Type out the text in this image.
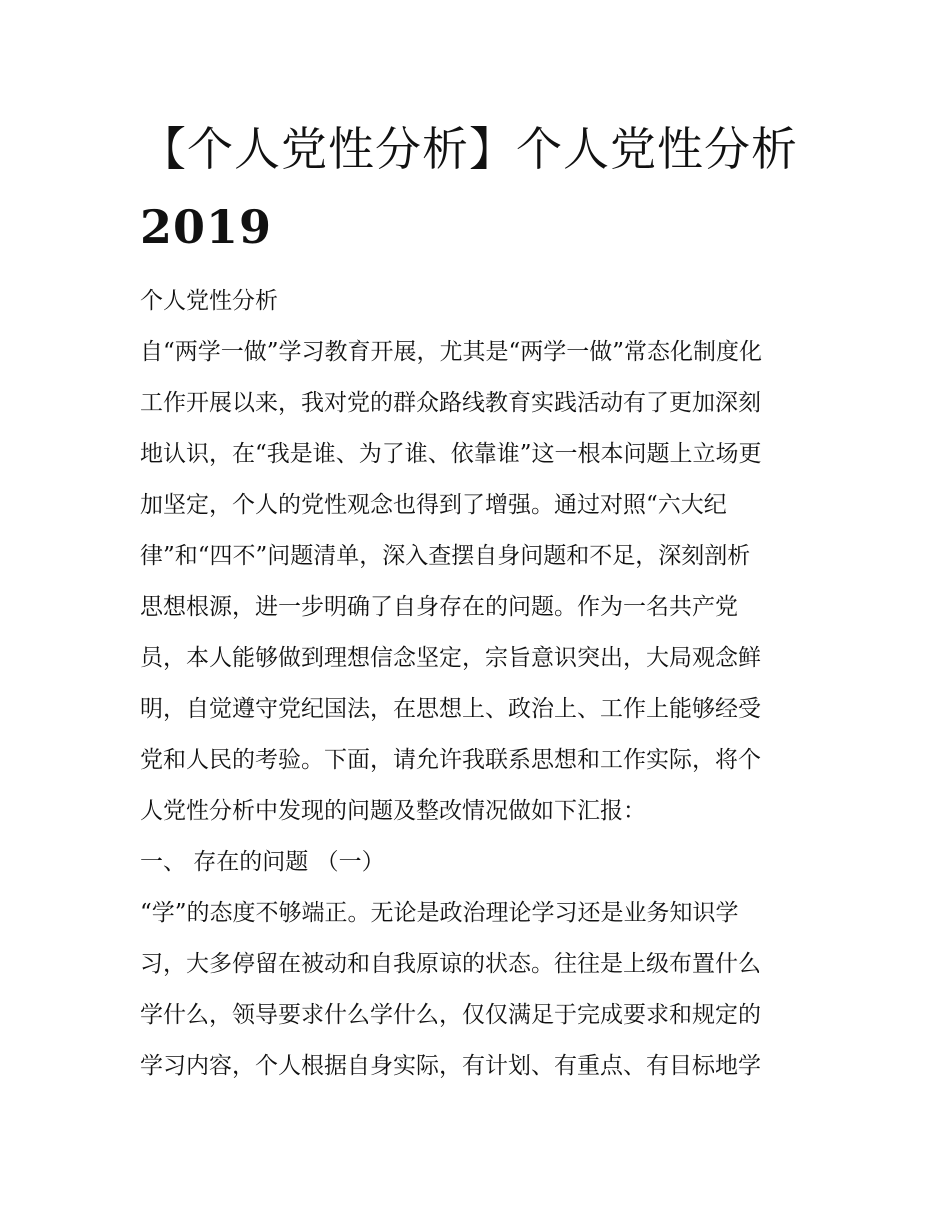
【个人党性分析】个人党性分析2019

个人党性分析

自“两学一做”学习教育开展，尤其是“两学一做”常态化制度化

工作开展以来，我对党的群众路线教育实践活动有了更加深刻

地认识，在“我是谁、为了谁、依靠谁”这一根本问题上立场更

加坚定，个人的党性观念也得到了增强。通过对照“六大纪

律”和“四不”问题清单，深入查摆自身问题和不足，深刻剖析

思想根源，进一步明确了自身存在的问题。作为一名共产党

员，本人能够做到理想信念坚定，宗旨意识突出，大局观念鲜

明，自觉遵守党纪国法，在思想上、政治上、工作上能够经受

党和人民的考验。下面，请允许我联系思想和工作实际，将个

人党性分析中发现的问题及整改情况做如下汇报：

一、 存在的问题 （一）

“学”的态度不够端正。无论是政治理论学习还是业务知识学

习，大多停留在被动和自我原谅的状态。往往是上级布置什么

学什么，领导要求什么学什么，仅仅满足于完成要求和规定的

学习内容，个人根据自身实际，有计划、有重点、有目标地学
